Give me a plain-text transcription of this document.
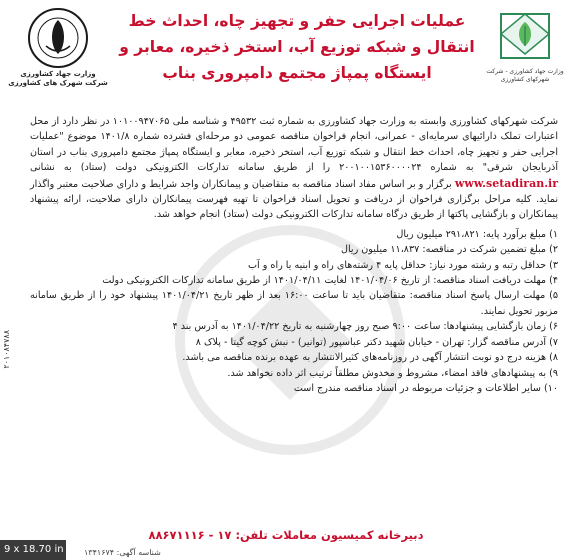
وزارت جهاد کشاورزی - شرکت شهرکهای کشاورزی
عملیات اجرایی حفر و تجهیز چاه، احداث خط
انتقال و شبکه توزیع آب، استخر ذخیره، معابر و
ایستگاه پمپاژ مجتمع دامپروری بناب
وزارت جهاد کشاورزی
شرکت شهرک های کشاورزی

شرکت شهرکهای کشاورزی وابسته به وزارت جهاد کشاورزی به شماره ثبت ۴۹۵۳۲ و شناسه ملی ۱۰۱۰۰۹۴۷۰۶۵ در نظر دارد از محل اعتبارات تملک دارائیهای سرمایه‌ای - عمرانی، انجام فراخوان مناقصه عمومی دو مرحله‌ای فشرده شماره ۱۴۰۱/۸ موضوع "عملیات اجرایی حفر و تجهیز چاه، احداث خط انتقال و شبکه توزیع آب، استخر ذخیره، معابر و ایستگاه پمپاژ مجتمع دامپروری بناب در استان آذربایجان شرقی" به شماره ۲۰۰۱۰۰۱۵۳۶۰۰۰۰۲۴ را از طریق سامانه تدارکات الکترونیکی دولت (ستاد) به نشانی www.setadiran.ir برگزار و بر اساس مفاد اسناد مناقصه به متقاضیان و پیمانکاران واجد شرایط و دارای صلاحیت معتبر واگذار نماید. کلیه مراحل برگزاری فراخوان از دریافت و تحویل اسناد فراخوان تا تهیه فهرست پیمانکاران دارای صلاحیت، ارائه پیشنهاد پیمانکاران و بازگشایی پاکتها از طریق درگاه سامانه تدارکات الکترونیکی دولت (ستاد) انجام خواهد شد.

۱) مبلغ برآورد پایه: ۲۹۱،۸۲۱ میلیون ریال
۲) مبلغ تضمین شرکت در مناقصه: ۱۱،۸۳۷ میلیون ریال
۳) حداقل رتبه و رشته مورد نیاز: حداقل پایه ۴ رشته‌های راه و ابنیه یا راه و آب
۴) مهلت دریافت اسناد مناقصه: از تاریخ ۱۴۰۱/۰۴/۰۶ لغایت ۱۴۰۱/۰۴/۱۱ از طریق سامانه تدارکات الکترونیکی دولت
۵) مهلت ارسال پاسخ اسناد مناقصه: متقاضیان باید تا ساعت ۱۶:۰۰ بعد از ظهر تاریخ ۱۴۰۱/۰۴/۲۱ پیشنهاد خود را از طریق سامانه مزبور تحویل نمایند.
۶) زمان بازگشایی پیشنهادها: ساعت ۹:۰۰ صبح روز چهارشنبه به تاریخ ۱۴۰۱/۰۴/۲۲ به آدرس بند ۴
۷) آدرس مناقصه گزار: تهران - خیابان شهید دکتر عباسپور (توانیر) - نبش کوچه گیتا - پلاک ۸
۸) هزینه درج دو نوبت انتشار آگهی در روزنامه‌های کثیرالانتشار به عهده برنده مناقصه می باشد.
۹) به پیشنهادهای فاقد امضاء، مشروط و مخدوش مطلقاً ترتیب اثر داده نخواهد شد.
۱۰) سایر اطلاعات و جزئیات مربوطه در اسناد مناقصه مندرج است
دبیرخانه کمیسیون معاملات تلفن: ۱۷ - ۸۸۶۷۱۱۱۶
۲۰۱۰۸۴۷۸۸
9 x 18.70 in	شناسه آگهی: ۱۳۴۱۶۷۴
